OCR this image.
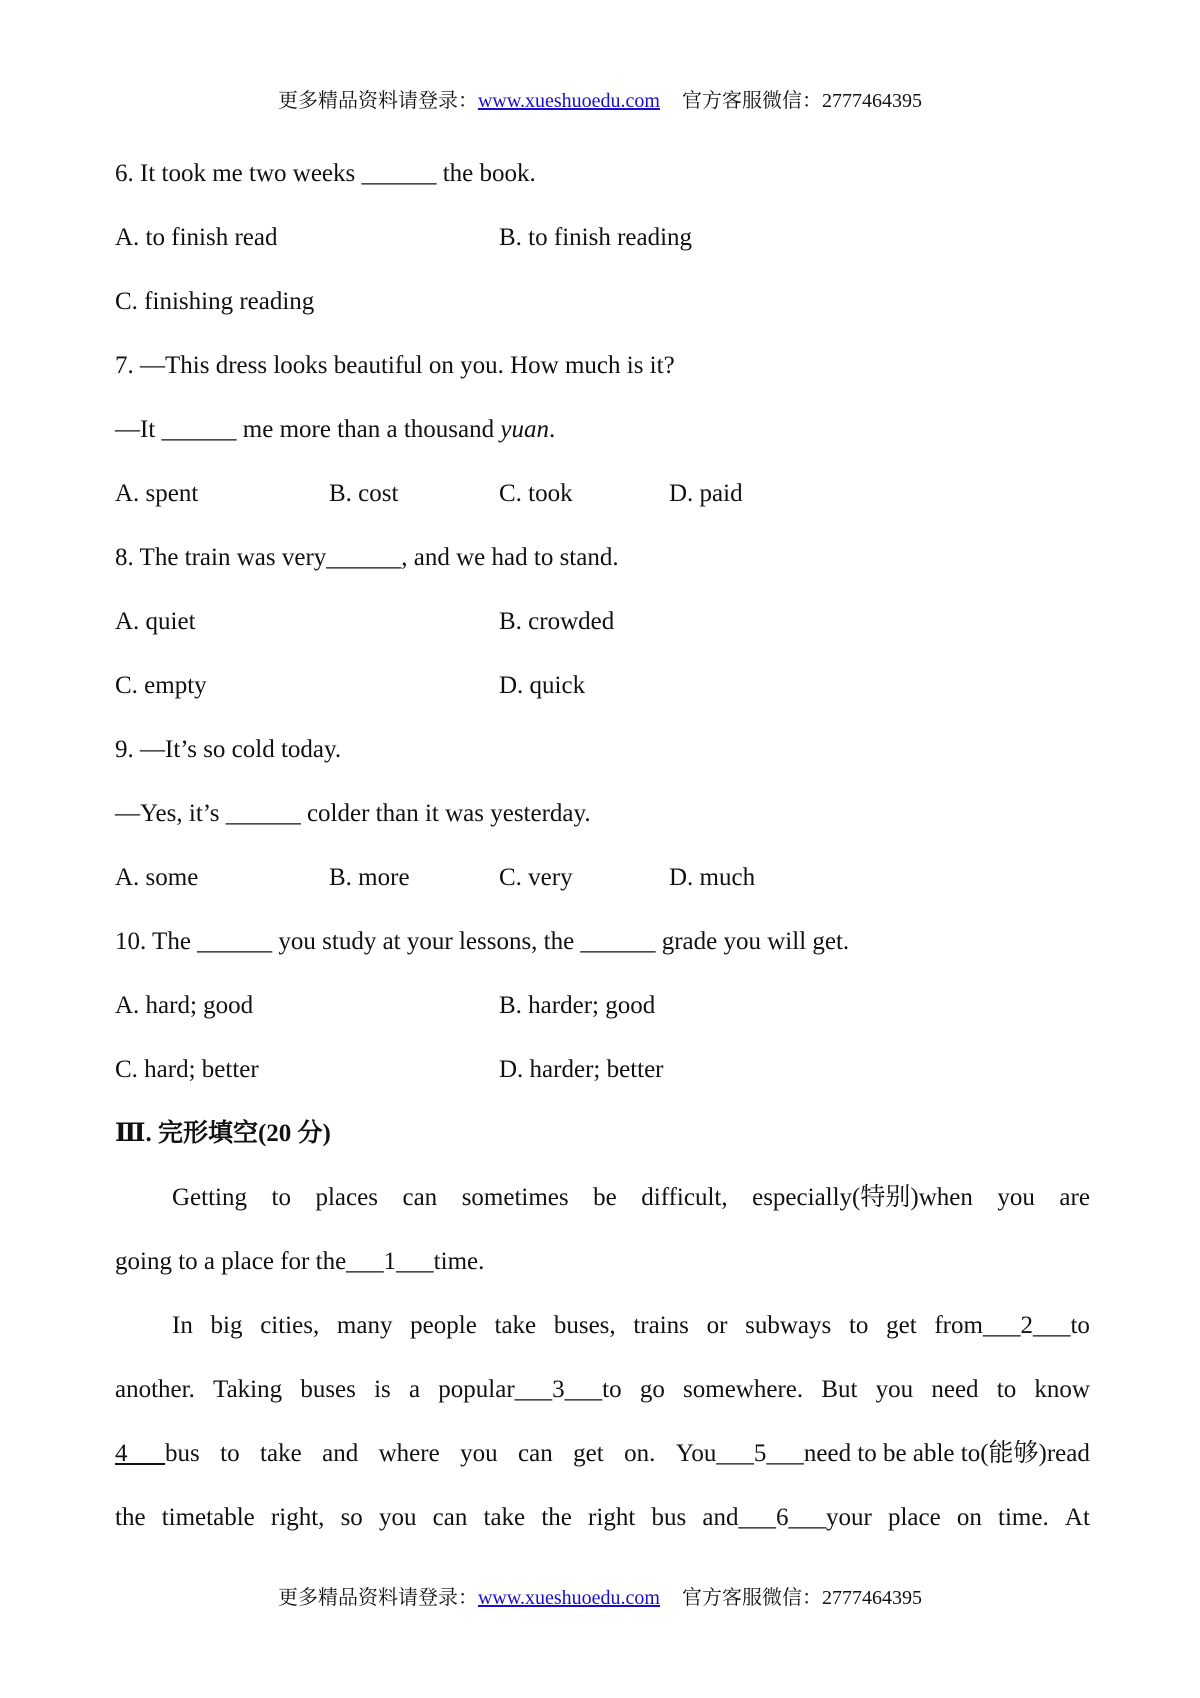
更多精品资料请登录：www.xueshuoedu.com 官方客服微信：2777464395
6. It took me two weeks ______ the book.
A. to finish read	B. to finish reading
C. finishing reading
7. —This dress looks beautiful on you. How much is it?
—It ______ me more than a thousand yuan.
A. spent	B. cost	C. took	D. paid
8. The train was very______, and we had to stand.
A. quiet	B. crowded
C. empty	D. quick
9. —It’s so cold today.
—Yes, it’s ______ colder than it was yesterday.
A. some	B. more	C. very	D. much
10. The ______ you study at your lessons, the ______ grade you will get.
A. hard; good	B. harder; good
C. hard; better	D. harder; better
Ⅲ. 完形填空(20 分)
Getting to places can sometimes be difficult, especially(特别)when you are
going to a place for the___1___time.
In big cities, many people take buses, trains or subways to get from___2___to
another. Taking buses is a popular___3___to go somewhere. But you need to know
4___bus to take and where you can get on. You___5___need to be able to(能够)read
the timetable right, so you can take the right bus and___6___your place on time. At
更多精品资料请登录：www.xueshuoedu.com 官方客服微信：2777464395
